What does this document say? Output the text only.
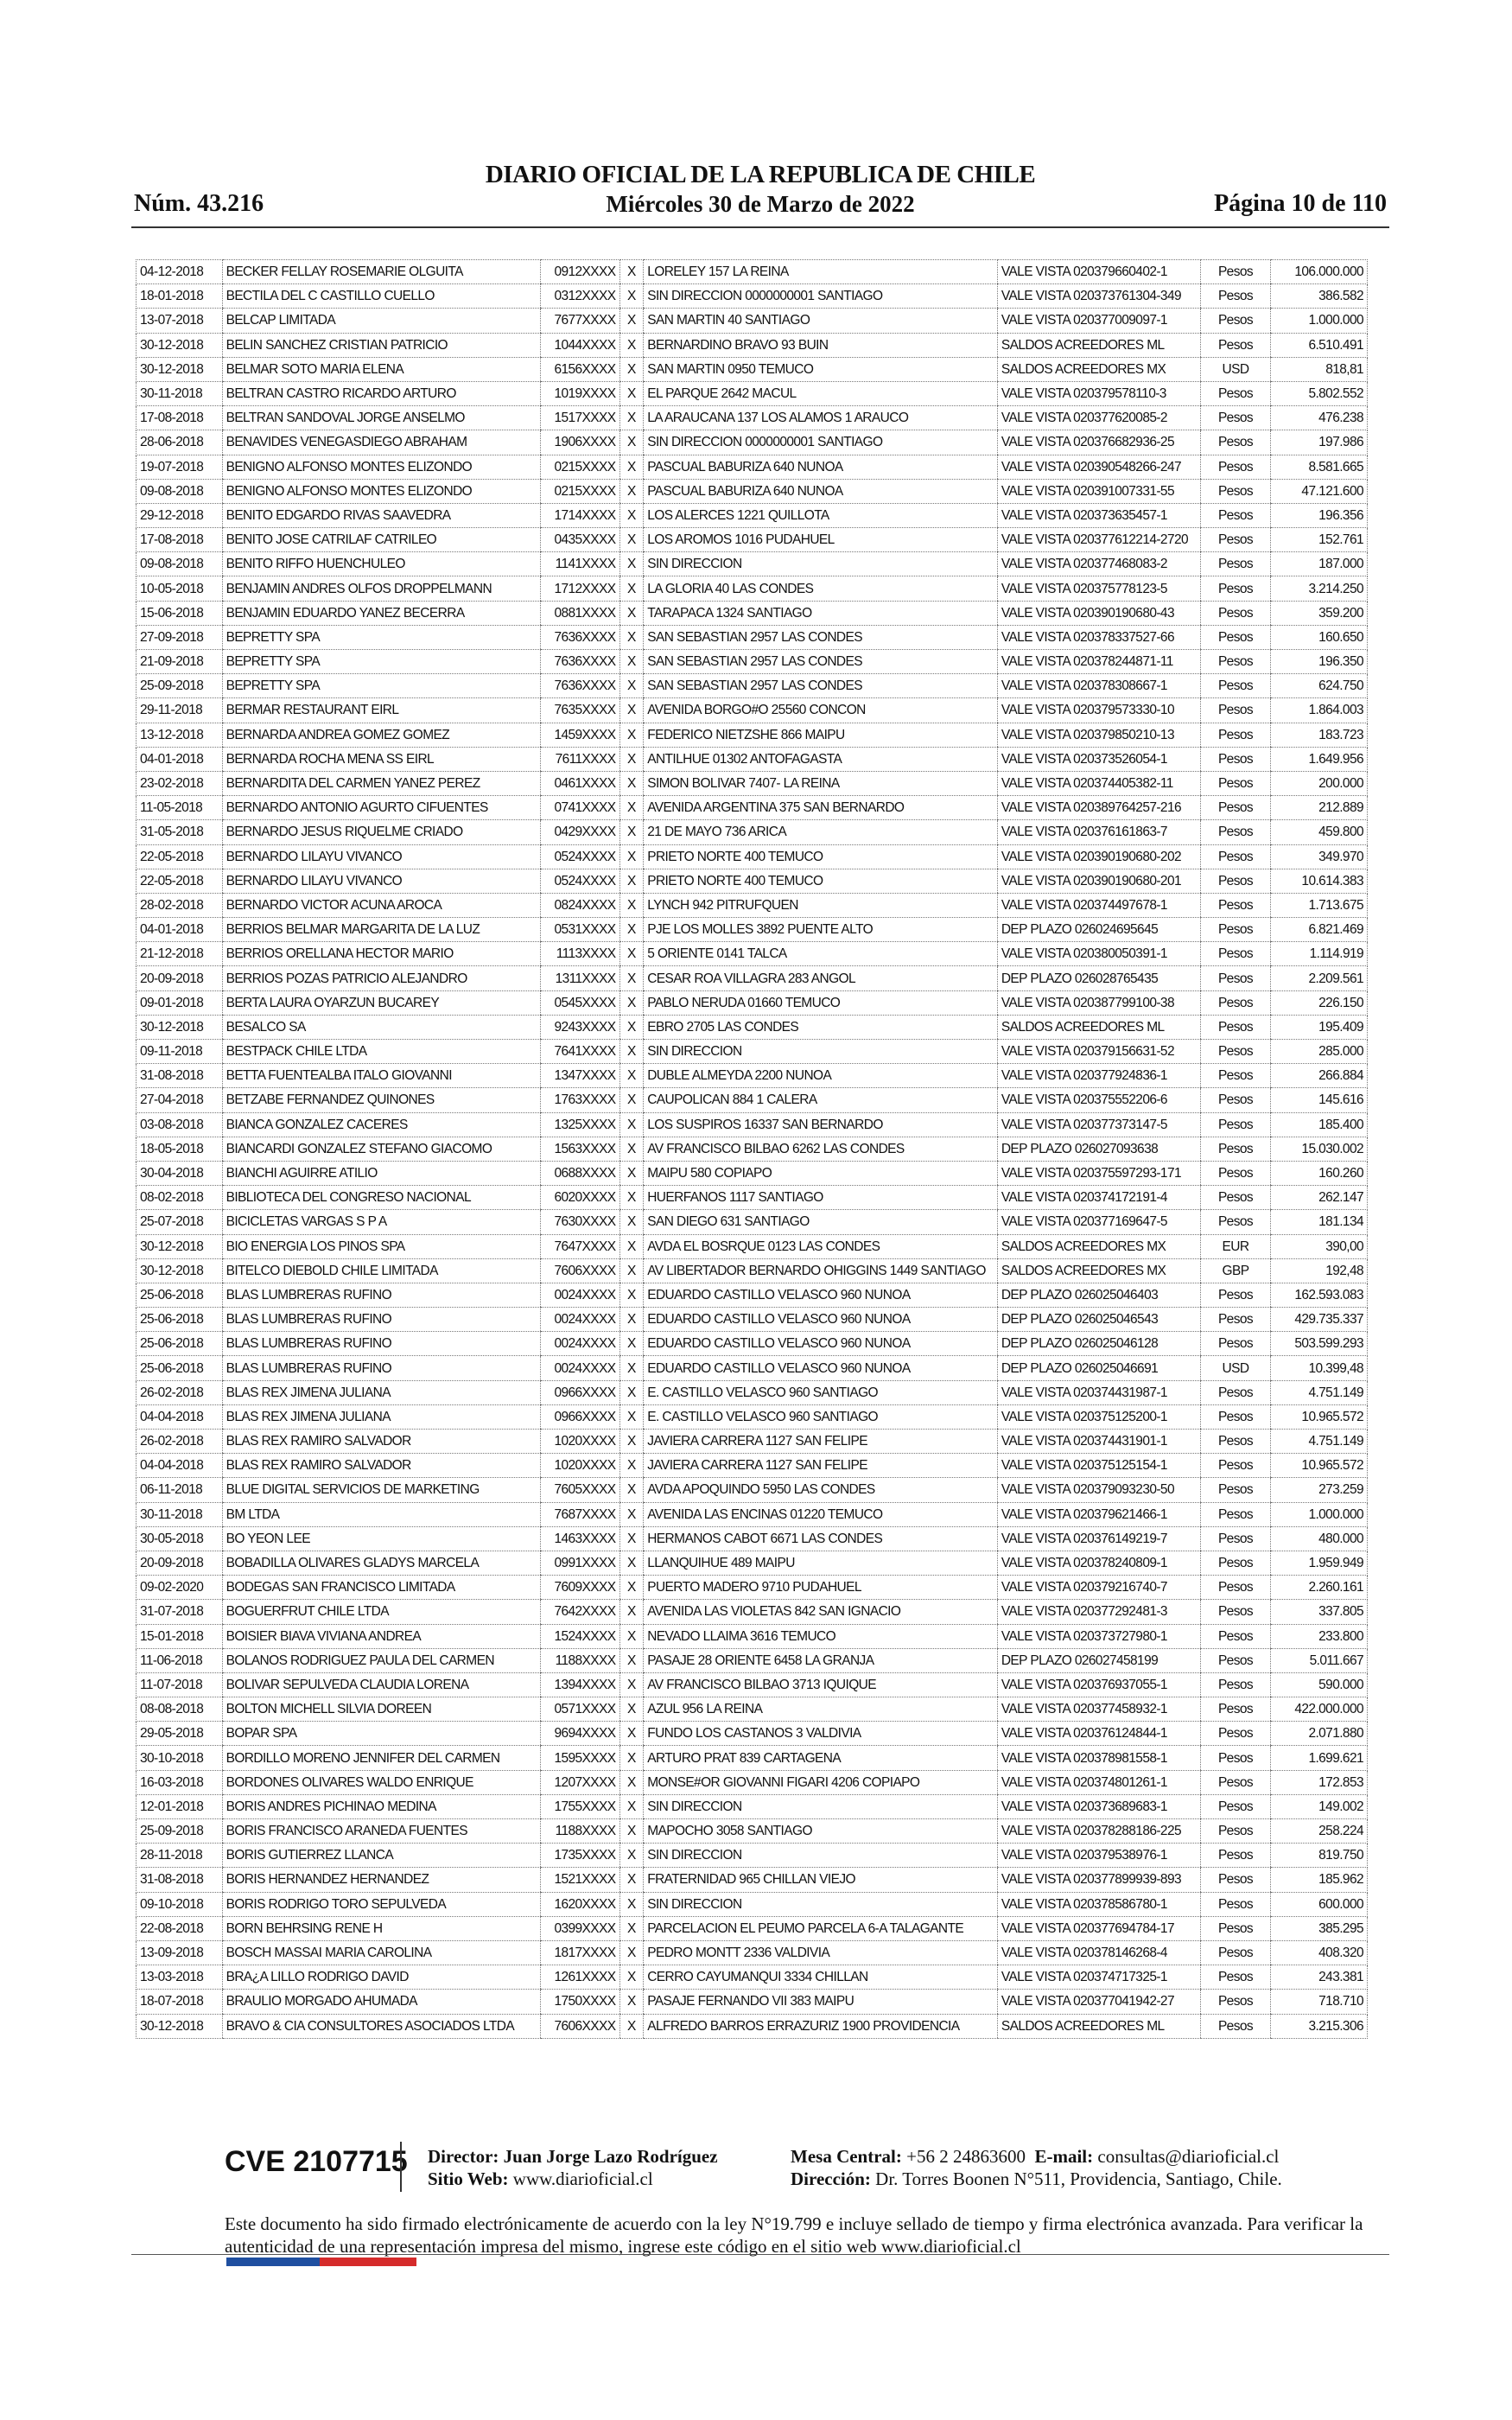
Núm. 43.216
DIARIO OFICIAL DE LA REPUBLICA DE CHILE
Miércoles 30 de Marzo de 2022	Página 10 de 110
04-12-2018	BECKER FELLAY ROSEMARIE OLGUITA	0912XXXX	X	LORELEY 157 LA REINA	VALE VISTA 020379660402-1	Pesos	106.000.000
18-01-2018	BECTILA DEL C CASTILLO CUELLO	0312XXXX	X	SIN DIRECCION 0000000001 SANTIAGO	VALE VISTA 020373761304-349	Pesos	386.582
13-07-2018	BELCAP LIMITADA	7677XXXX	X	SAN MARTIN 40 SANTIAGO	VALE VISTA 020377009097-1	Pesos	1.000.000
30-12-2018	BELIN SANCHEZ CRISTIAN PATRICIO	1044XXXX	X	BERNARDINO BRAVO 93 BUIN	SALDOS ACREEDORES ML	Pesos	6.510.491
30-12-2018	BELMAR SOTO MARIA ELENA	6156XXXX	X	SAN MARTIN 0950 TEMUCO	SALDOS ACREEDORES MX	USD	818,81
30-11-2018	BELTRAN CASTRO RICARDO ARTURO	1019XXXX	X	EL PARQUE 2642 MACUL	VALE VISTA 020379578110-3	Pesos	5.802.552
17-08-2018	BELTRAN SANDOVAL JORGE ANSELMO	1517XXXX	X	LA ARAUCANA 137 LOS ALAMOS 1 ARAUCO	VALE VISTA 020377620085-2	Pesos	476.238
28-06-2018	BENAVIDES VENEGASDIEGO ABRAHAM	1906XXXX	X	SIN DIRECCION 0000000001 SANTIAGO	VALE VISTA 020376682936-25	Pesos	197.986
19-07-2018	BENIGNO ALFONSO MONTES ELIZONDO	0215XXXX	X	PASCUAL BABURIZA 640 NUNOA	VALE VISTA 020390548266-247	Pesos	8.581.665
09-08-2018	BENIGNO ALFONSO MONTES ELIZONDO	0215XXXX	X	PASCUAL BABURIZA 640 NUNOA	VALE VISTA 020391007331-55	Pesos	47.121.600
29-12-2018	BENITO EDGARDO RIVAS SAAVEDRA	1714XXXX	X	LOS ALERCES 1221 QUILLOTA	VALE VISTA 020373635457-1	Pesos	196.356
17-08-2018	BENITO JOSE CATRILAF CATRILEO	0435XXXX	X	LOS AROMOS 1016 PUDAHUEL	VALE VISTA 020377612214-2720	Pesos	152.761
09-08-2018	BENITO RIFFO HUENCHULEO	1141XXXX	X	SIN DIRECCION	VALE VISTA 020377468083-2	Pesos	187.000
10-05-2018	BENJAMIN ANDRES OLFOS DROPPELMANN	1712XXXX	X	LA GLORIA 40 LAS CONDES	VALE VISTA 020375778123-5	Pesos	3.214.250
15-06-2018	BENJAMIN EDUARDO YANEZ BECERRA	0881XXXX	X	TARAPACA 1324 SANTIAGO	VALE VISTA 020390190680-43	Pesos	359.200
27-09-2018	BEPRETTY SPA	7636XXXX	X	SAN SEBASTIAN 2957 LAS CONDES	VALE VISTA 020378337527-66	Pesos	160.650
21-09-2018	BEPRETTY SPA	7636XXXX	X	SAN SEBASTIAN 2957 LAS CONDES	VALE VISTA 020378244871-11	Pesos	196.350
25-09-2018	BEPRETTY SPA	7636XXXX	X	SAN SEBASTIAN 2957 LAS CONDES	VALE VISTA 020378308667-1	Pesos	624.750
29-11-2018	BERMAR RESTAURANT EIRL	7635XXXX	X	AVENIDA BORGO#O 25560 CONCON	VALE VISTA 020379573330-10	Pesos	1.864.003
13-12-2018	BERNARDA ANDREA GOMEZ GOMEZ	1459XXXX	X	FEDERICO NIETZSHE 866 MAIPU	VALE VISTA 020379850210-13	Pesos	183.723
04-01-2018	BERNARDA ROCHA MENA SS EIRL	7611XXXX	X	ANTILHUE 01302 ANTOFAGASTA	VALE VISTA 020373526054-1	Pesos	1.649.956
23-02-2018	BERNARDITA DEL CARMEN YANEZ PEREZ	0461XXXX	X	SIMON BOLIVAR 7407- LA REINA	VALE VISTA 020374405382-11	Pesos	200.000
11-05-2018	BERNARDO ANTONIO AGURTO CIFUENTES	0741XXXX	X	AVENIDA ARGENTINA 375 SAN BERNARDO	VALE VISTA 020389764257-216	Pesos	212.889
31-05-2018	BERNARDO JESUS RIQUELME CRIADO	0429XXXX	X	21 DE MAYO 736 ARICA	VALE VISTA 020376161863-7	Pesos	459.800
22-05-2018	BERNARDO LILAYU VIVANCO	0524XXXX	X	PRIETO NORTE 400 TEMUCO	VALE VISTA 020390190680-202	Pesos	349.970
22-05-2018	BERNARDO LILAYU VIVANCO	0524XXXX	X	PRIETO NORTE 400 TEMUCO	VALE VISTA 020390190680-201	Pesos	10.614.383
28-02-2018	BERNARDO VICTOR ACUNA AROCA	0824XXXX	X	LYNCH 942 PITRUFQUEN	VALE VISTA 020374497678-1	Pesos	1.713.675
04-01-2018	BERRIOS BELMAR MARGARITA DE LA LUZ	0531XXXX	X	PJE LOS MOLLES 3892 PUENTE ALTO	DEP PLAZO 026024695645	Pesos	6.821.469
21-12-2018	BERRIOS ORELLANA HECTOR MARIO	1113XXXX	X	5 ORIENTE 0141 TALCA	VALE VISTA 020380050391-1	Pesos	1.114.919
20-09-2018	BERRIOS POZAS PATRICIO ALEJANDRO	1311XXXX	X	CESAR ROA VILLAGRA 283 ANGOL	DEP PLAZO 026028765435	Pesos	2.209.561
09-01-2018	BERTA LAURA OYARZUN BUCAREY	0545XXXX	X	PABLO NERUDA 01660 TEMUCO	VALE VISTA 020387799100-38	Pesos	226.150
30-12-2018	BESALCO SA	9243XXXX	X	EBRO 2705 LAS CONDES	SALDOS ACREEDORES ML	Pesos	195.409
09-11-2018	BESTPACK CHILE LTDA	7641XXXX	X	SIN DIRECCION	VALE VISTA 020379156631-52	Pesos	285.000
31-08-2018	BETTA FUENTEALBA ITALO GIOVANNI	1347XXXX	X	DUBLE ALMEYDA 2200 NUNOA	VALE VISTA 020377924836-1	Pesos	266.884
27-04-2018	BETZABE FERNANDEZ QUINONES	1763XXXX	X	CAUPOLICAN 884 1 CALERA	VALE VISTA 020375552206-6	Pesos	145.616
03-08-2018	BIANCA GONZALEZ CACERES	1325XXXX	X	LOS SUSPIROS 16337 SAN BERNARDO	VALE VISTA 020377373147-5	Pesos	185.400
18-05-2018	BIANCARDI GONZALEZ STEFANO GIACOMO	1563XXXX	X	AV FRANCISCO BILBAO 6262 LAS CONDES	DEP PLAZO 026027093638	Pesos	15.030.002
30-04-2018	BIANCHI AGUIRRE ATILIO	0688XXXX	X	MAIPU 580 COPIAPO	VALE VISTA 020375597293-171	Pesos	160.260
08-02-2018	BIBLIOTECA DEL CONGRESO NACIONAL	6020XXXX	X	HUERFANOS 1117 SANTIAGO	VALE VISTA 020374172191-4	Pesos	262.147
25-07-2018	BICICLETAS VARGAS S P A	7630XXXX	X	SAN DIEGO 631 SANTIAGO	VALE VISTA 020377169647-5	Pesos	181.134
30-12-2018	BIO ENERGIA LOS PINOS SPA	7647XXXX	X	AVDA EL BOSRQUE 0123 LAS CONDES	SALDOS ACREEDORES MX	EUR	390,00
30-12-2018	BITELCO DIEBOLD CHILE LIMITADA	7606XXXX	X	AV LIBERTADOR BERNARDO OHIGGINS 1449 SANTIAGO	SALDOS ACREEDORES MX	GBP	192,48
25-06-2018	BLAS LUMBRERAS RUFINO	0024XXXX	X	EDUARDO CASTILLO VELASCO 960 NUNOA	DEP PLAZO 026025046403	Pesos	162.593.083
25-06-2018	BLAS LUMBRERAS RUFINO	0024XXXX	X	EDUARDO CASTILLO VELASCO 960 NUNOA	DEP PLAZO 026025046543	Pesos	429.735.337
25-06-2018	BLAS LUMBRERAS RUFINO	0024XXXX	X	EDUARDO CASTILLO VELASCO 960 NUNOA	DEP PLAZO 026025046128	Pesos	503.599.293
25-06-2018	BLAS LUMBRERAS RUFINO	0024XXXX	X	EDUARDO CASTILLO VELASCO 960 NUNOA	DEP PLAZO 026025046691	USD	10.399,48
26-02-2018	BLAS REX JIMENA JULIANA	0966XXXX	X	E. CASTILLO VELASCO 960 SANTIAGO	VALE VISTA 020374431987-1	Pesos	4.751.149
04-04-2018	BLAS REX JIMENA JULIANA	0966XXXX	X	E. CASTILLO VELASCO 960 SANTIAGO	VALE VISTA 020375125200-1	Pesos	10.965.572
26-02-2018	BLAS REX RAMIRO SALVADOR	1020XXXX	X	JAVIERA CARRERA 1127 SAN FELIPE	VALE VISTA 020374431901-1	Pesos	4.751.149
04-04-2018	BLAS REX RAMIRO SALVADOR	1020XXXX	X	JAVIERA CARRERA 1127 SAN FELIPE	VALE VISTA 020375125154-1	Pesos	10.965.572
06-11-2018	BLUE DIGITAL SERVICIOS DE MARKETING	7605XXXX	X	AVDA APOQUINDO 5950 LAS CONDES	VALE VISTA 020379093230-50	Pesos	273.259
30-11-2018	BM LTDA	7687XXXX	X	AVENIDA LAS ENCINAS 01220 TEMUCO	VALE VISTA 020379621466-1	Pesos	1.000.000
30-05-2018	BO YEON LEE	1463XXXX	X	HERMANOS CABOT 6671 LAS CONDES	VALE VISTA 020376149219-7	Pesos	480.000
20-09-2018	BOBADILLA OLIVARES GLADYS MARCELA	0991XXXX	X	LLANQUIHUE 489 MAIPU	VALE VISTA 020378240809-1	Pesos	1.959.949
09-02-2020	BODEGAS SAN FRANCISCO LIMITADA	7609XXXX	X	PUERTO MADERO 9710 PUDAHUEL	VALE VISTA 020379216740-7	Pesos	2.260.161
31-07-2018	BOGUERFRUT CHILE LTDA	7642XXXX	X	AVENIDA LAS VIOLETAS 842 SAN IGNACIO	VALE VISTA 020377292481-3	Pesos	337.805
15-01-2018	BOISIER BIAVA VIVIANA ANDREA	1524XXXX	X	NEVADO LLAIMA 3616 TEMUCO	VALE VISTA 020373727980-1	Pesos	233.800
11-06-2018	BOLANOS RODRIGUEZ PAULA DEL CARMEN	1188XXXX	X	PASAJE 28 ORIENTE 6458 LA GRANJA	DEP PLAZO 026027458199	Pesos	5.011.667
11-07-2018	BOLIVAR SEPULVEDA CLAUDIA LORENA	1394XXXX	X	AV FRANCISCO BILBAO 3713 IQUIQUE	VALE VISTA 020376937055-1	Pesos	590.000
08-08-2018	BOLTON MICHELL SILVIA DOREEN	0571XXXX	X	AZUL 956 LA REINA	VALE VISTA 020377458932-1	Pesos	422.000.000
29-05-2018	BOPAR SPA	9694XXXX	X	FUNDO LOS CASTANOS 3 VALDIVIA	VALE VISTA 020376124844-1	Pesos	2.071.880
30-10-2018	BORDILLO MORENO JENNIFER DEL CARMEN	1595XXXX	X	ARTURO PRAT 839 CARTAGENA	VALE VISTA 020378981558-1	Pesos	1.699.621
16-03-2018	BORDONES OLIVARES WALDO ENRIQUE	1207XXXX	X	MONSE#OR GIOVANNI FIGARI 4206 COPIAPO	VALE VISTA 020374801261-1	Pesos	172.853
12-01-2018	BORIS ANDRES PICHINAO MEDINA	1755XXXX	X	SIN DIRECCION	VALE VISTA 020373689683-1	Pesos	149.002
25-09-2018	BORIS FRANCISCO ARANEDA FUENTES	1188XXXX	X	MAPOCHO 3058 SANTIAGO	VALE VISTA 020378288186-225	Pesos	258.224
28-11-2018	BORIS GUTIERREZ LLANCA	1735XXXX	X	SIN DIRECCION	VALE VISTA 020379538976-1	Pesos	819.750
31-08-2018	BORIS HERNANDEZ HERNANDEZ	1521XXXX	X	FRATERNIDAD 965 CHILLAN VIEJO	VALE VISTA 020377899939-893	Pesos	185.962
09-10-2018	BORIS RODRIGO TORO SEPULVEDA	1620XXXX	X	SIN DIRECCION	VALE VISTA 020378586780-1	Pesos	600.000
22-08-2018	BORN BEHRSING RENE H	0399XXXX	X	PARCELACION EL PEUMO PARCELA 6-A TALAGANTE	VALE VISTA 020377694784-17	Pesos	385.295
13-09-2018	BOSCH MASSAI MARIA CAROLINA	1817XXXX	X	PEDRO MONTT 2336 VALDIVIA	VALE VISTA 020378146268-4	Pesos	408.320
13-03-2018	BRA¿A LILLO RODRIGO DAVID	1261XXXX	X	CERRO CAYUMANQUI 3334 CHILLAN	VALE VISTA 020374717325-1	Pesos	243.381
18-07-2018	BRAULIO MORGADO AHUMADA	1750XXXX	X	PASAJE FERNANDO VII 383 MAIPU	VALE VISTA 020377041942-27	Pesos	718.710
30-12-2018	BRAVO & CIA CONSULTORES ASOCIADOS LTDA	7606XXXX	X	ALFREDO BARROS ERRAZURIZ 1900 PROVIDENCIA	SALDOS ACREEDORES ML	Pesos	3.215.306
CVE 2107715 Director: Juan Jorge Lazo Rodríguez
Sitio Web: www.diarioficial.cl
Mesa Central: +56 2 24863600 E-mail: consultas@diarioficial.cl
Dirección: Dr. Torres Boonen N°511, Providencia, Santiago, Chile.
Este documento ha sido firmado electrónicamente de acuerdo con la ley N°19.799 e incluye sellado de tiempo y firma electrónica avanzada. Para verificar la autenticidad de una representación impresa del mismo, ingrese este código en el sitio web www.diarioficial.cl
